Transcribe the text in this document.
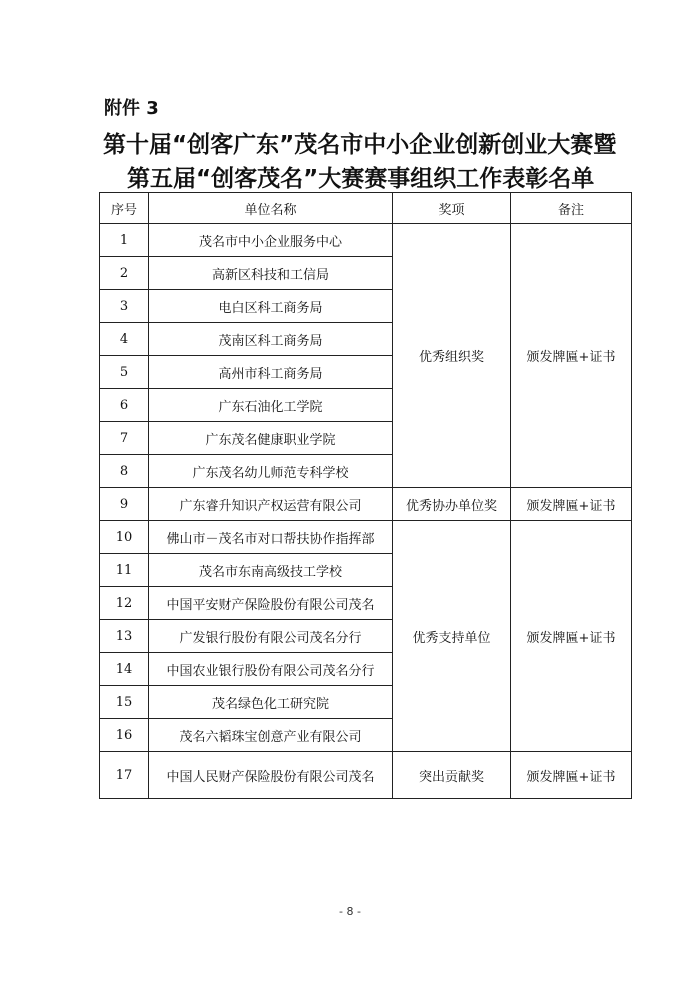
附件 3
第十届“创客广东”茂名市中小企业创新创业大赛暨
第五届“创客茂名”大赛赛事组织工作表彰名单
序号	单位名称	奖项	备注
1	茂名市中小企业服务中心	优秀组织奖	颁发牌匾+证书
2	高新区科技和工信局		
3	电白区科工商务局		
4	茂南区科工商务局		
5	高州市科工商务局		
6	广东石油化工学院		
7	广东茂名健康职业学院		
8	广东茂名幼儿师范专科学校		
9	广东睿升知识产权运营有限公司	优秀协办单位奖	颁发牌匾+证书
10	佛山市－茂名市对口帮扶协作指挥部	优秀支持单位	颁发牌匾+证书
11	茂名市东南高级技工学校		
12	中国平安财产保险股份有限公司茂名		
13	广发银行股份有限公司茂名分行		
14	中国农业银行股份有限公司茂名分行		
15	茂名绿色化工研究院		
16	茂名六韬珠宝创意产业有限公司		
17	中国人民财产保险股份有限公司茂名	突出贡献奖	颁发牌匾+证书
- 8 -
